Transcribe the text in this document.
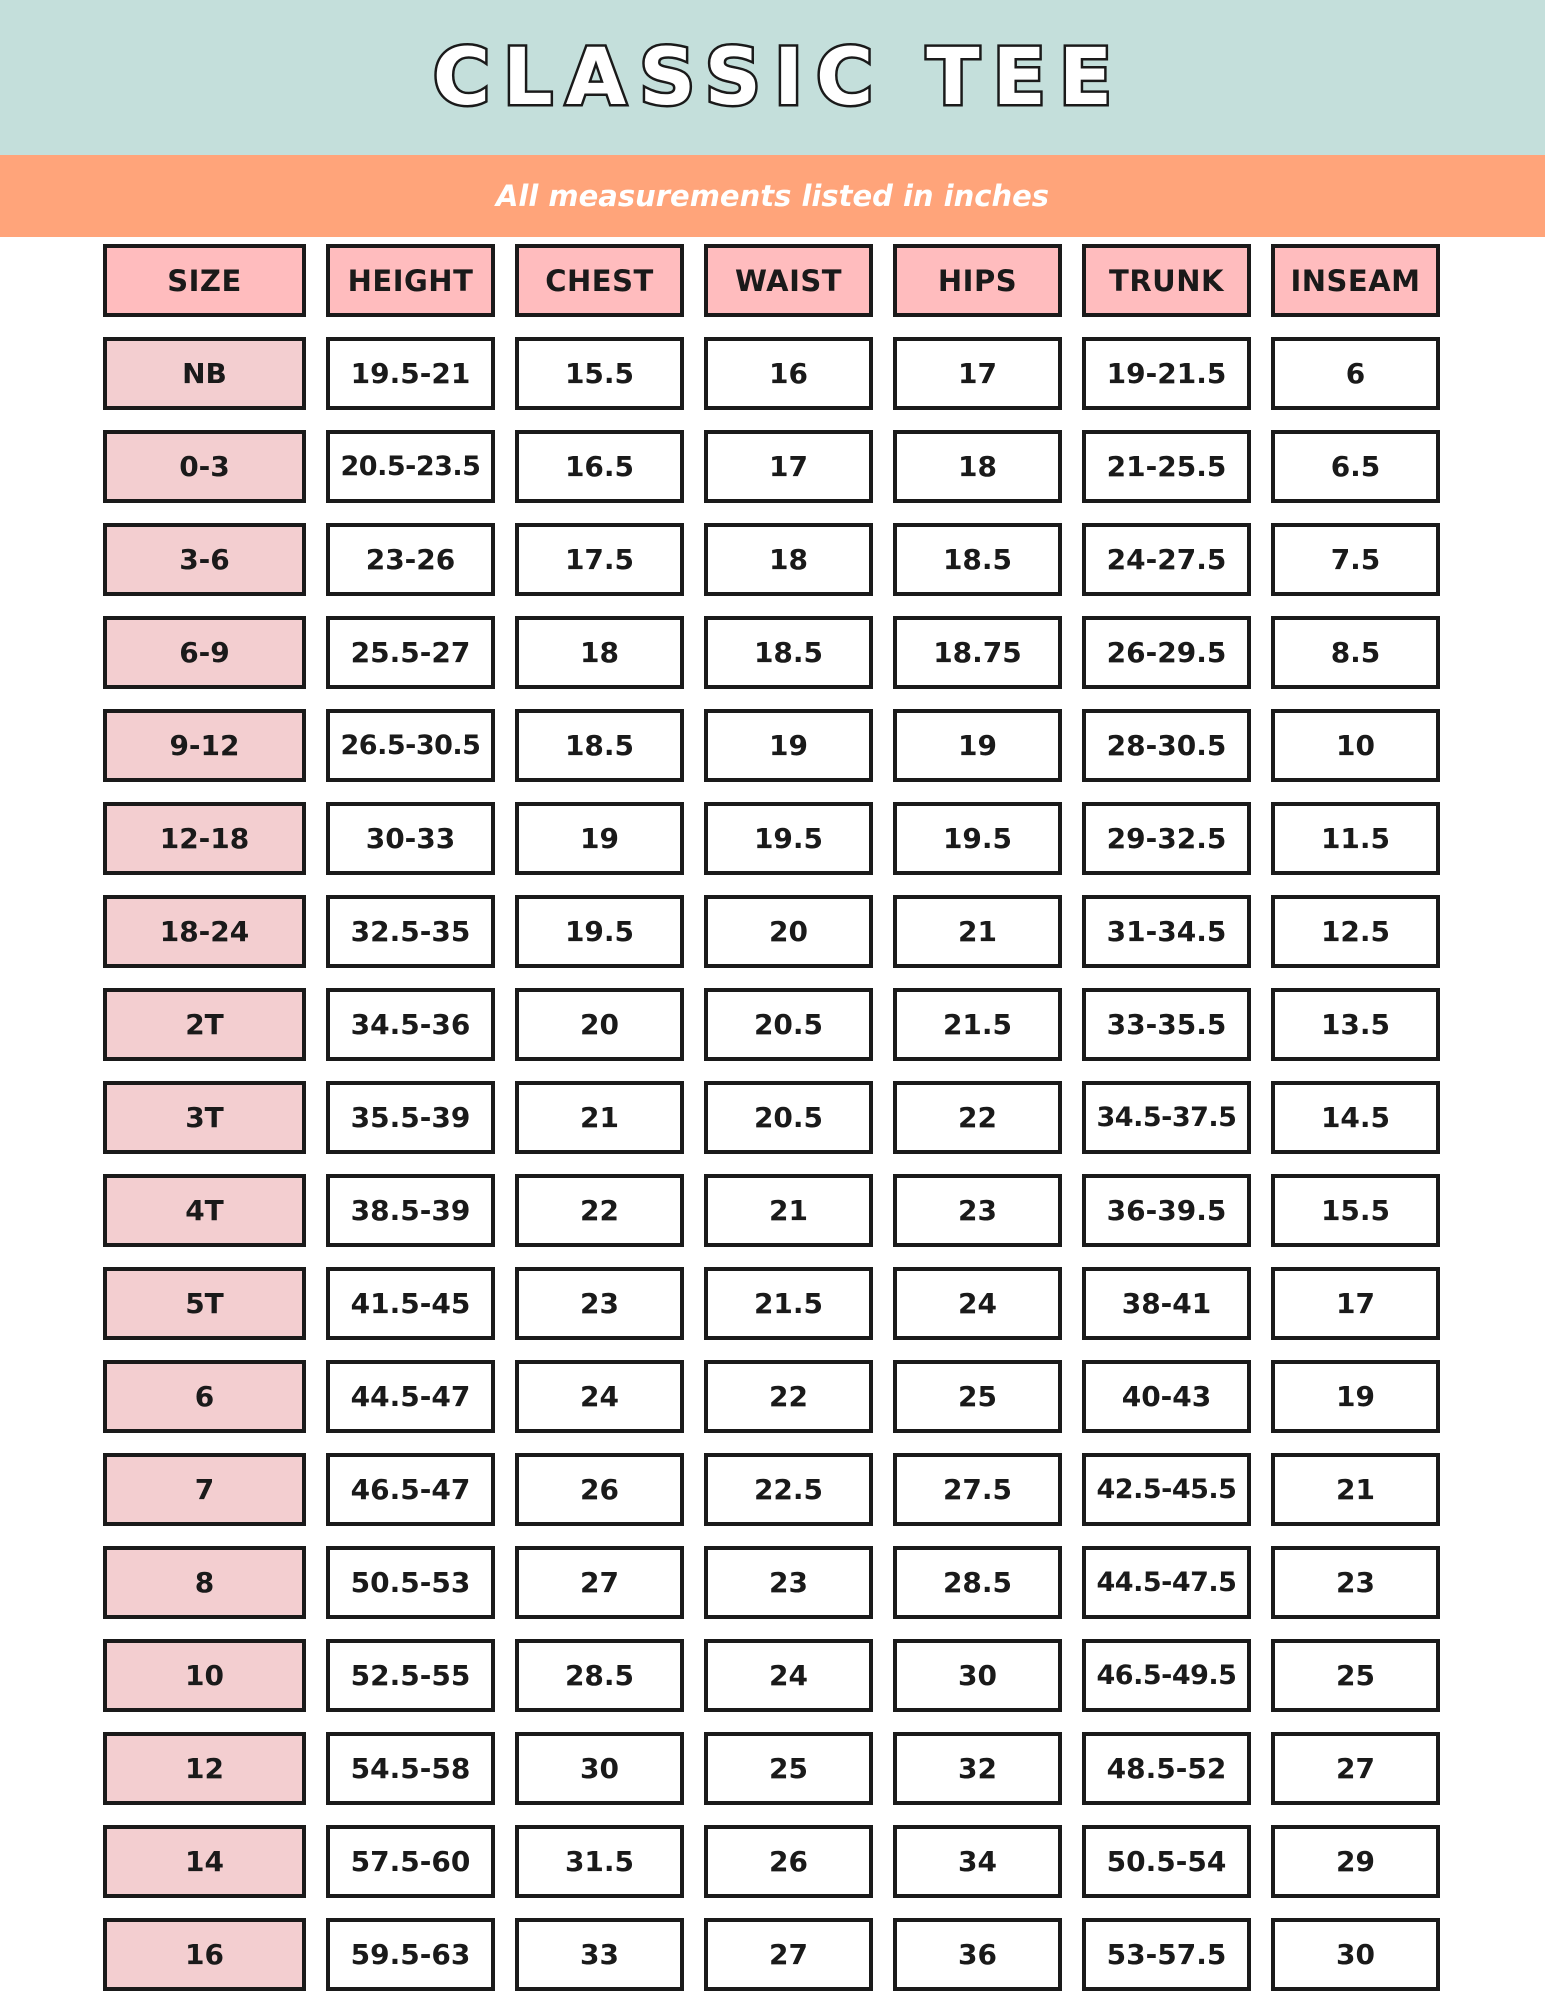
CLASSIC TEE
All measurements listed in inches
SIZE	HEIGHT	CHEST	WAIST	HIPS	TRUNK	INSEAM
NB	19.5-21	15.5	16	17	19-21.5	6
0-3	20.5-23.5	16.5	17	18	21-25.5	6.5
3-6	23-26	17.5	18	18.5	24-27.5	7.5
6-9	25.5-27	18	18.5	18.75	26-29.5	8.5
9-12	26.5-30.5	18.5	19	19	28-30.5	10
12-18	30-33	19	19.5	19.5	29-32.5	11.5
18-24	32.5-35	19.5	20	21	31-34.5	12.5
2T	34.5-36	20	20.5	21.5	33-35.5	13.5
3T	35.5-39	21	20.5	22	34.5-37.5	14.5
4T	38.5-39	22	21	23	36-39.5	15.5
5T	41.5-45	23	21.5	24	38-41	17
6	44.5-47	24	22	25	40-43	19
7	46.5-47	26	22.5	27.5	42.5-45.5	21
8	50.5-53	27	23	28.5	44.5-47.5	23
10	52.5-55	28.5	24	30	46.5-49.5	25
12	54.5-58	30	25	32	48.5-52	27
14	57.5-60	31.5	26	34	50.5-54	29
16	59.5-63	33	27	36	53-57.5	30
